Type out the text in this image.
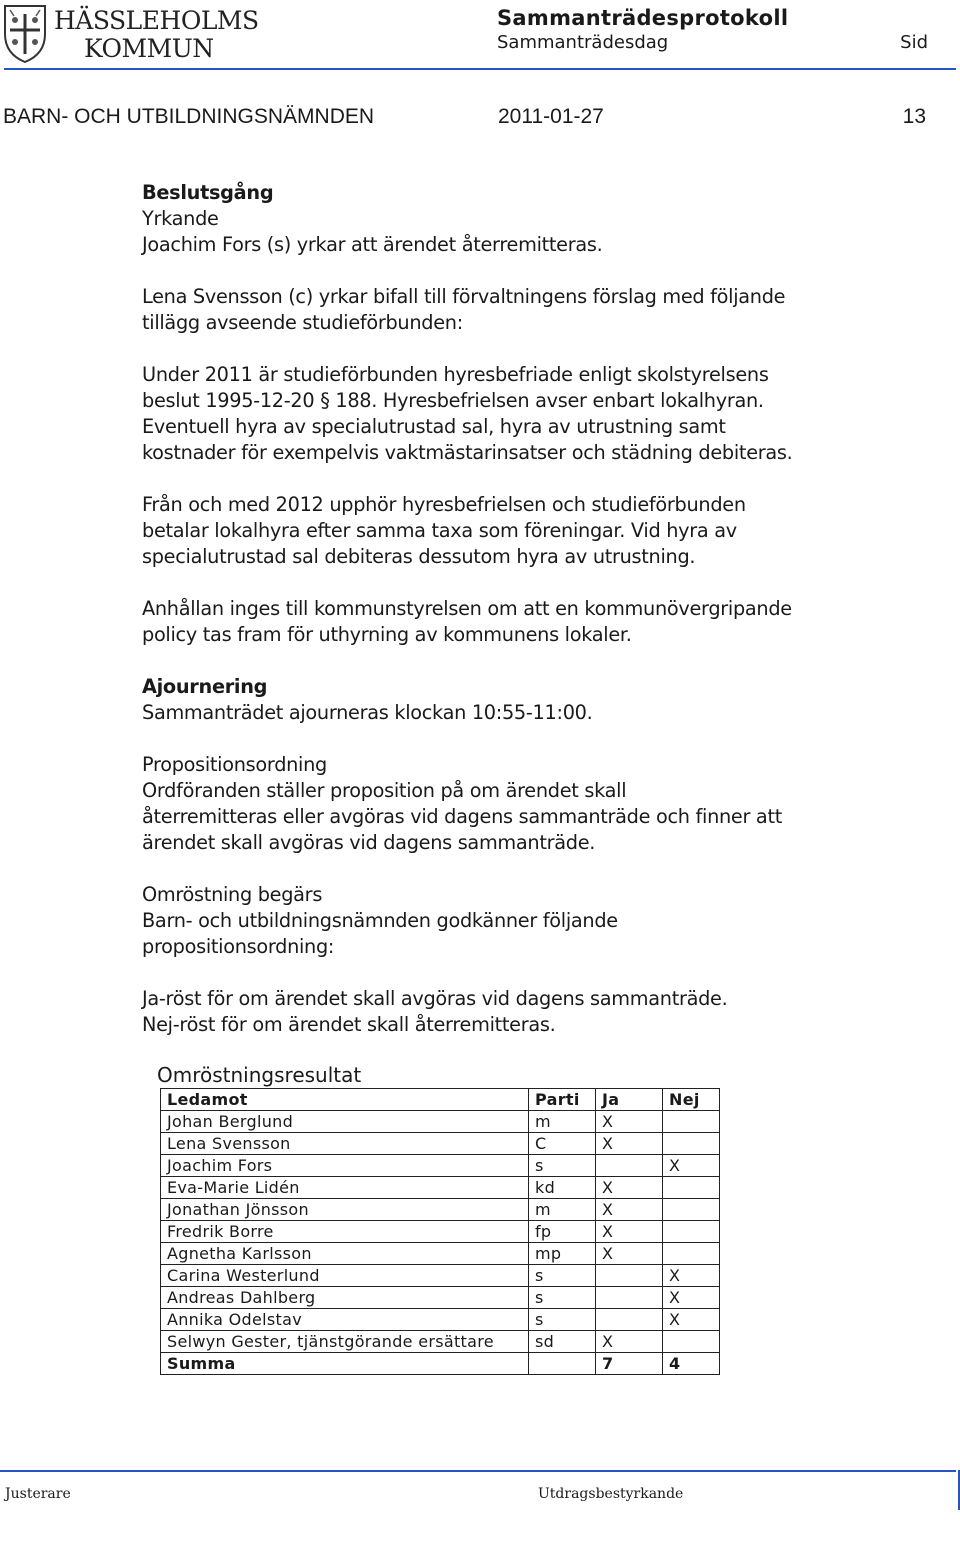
HÄSSLEHOLMS
KOMMUN
Sammanträdesprotokoll
Sammanträdesdag	Sid
BARN- OCH UTBILDNINGSNÄMNDEN	2011-01-27	13

Beslutsgång

Yrkande

Joachim Fors (s) yrkar att ärendet återremitteras.

Lena Svensson (c) yrkar bifall till förvaltningens förslag med följande

tillägg avseende studieförbunden:

Under 2011 är studieförbunden hyresbefriade enligt skolstyrelsens

beslut 1995-12-20 § 188. Hyresbefrielsen avser enbart lokalhyran.

Eventuell hyra av specialutrustad sal, hyra av utrustning samt

kostnader för exempelvis vaktmästarinsatser och städning debiteras.

Från och med 2012 upphör hyresbefrielsen och studieförbunden

betalar lokalhyra efter samma taxa som föreningar. Vid hyra av

specialutrustad sal debiteras dessutom hyra av utrustning.

Anhållan inges till kommunstyrelsen om att en kommunövergripande

policy tas fram för uthyrning av kommunens lokaler.

Ajournering

Sammanträdet ajourneras klockan 10:55-11:00.

Propositionsordning

Ordföranden ställer proposition på om ärendet skall

återremitteras eller avgöras vid dagens sammanträde och finner att

ärendet skall avgöras vid dagens sammanträde.

Omröstning begärs

Barn- och utbildningsnämnden godkänner följande

propositionsordning:

Ja-röst för om ärendet skall avgöras vid dagens sammanträde.

Nej-röst för om ärendet skall återremitteras.

Omröstningsresultat
Ledamot	Parti	Ja	Nej
Johan Berglund	m	X	
Lena Svensson	C	X	
Joachim Fors	s		X
Eva-Marie Lidén	kd	X	
Jonathan Jönsson	m	X	
Fredrik Borre	fp	X	
Agnetha Karlsson	mp	X	
Carina Westerlund	s		X
Andreas Dahlberg	s		X
Annika Odelstav	s		X
Selwyn Gester, tjänstgörande ersättare	sd	X	
Summa		7	4
Justerare	Utdragsbestyrkande
